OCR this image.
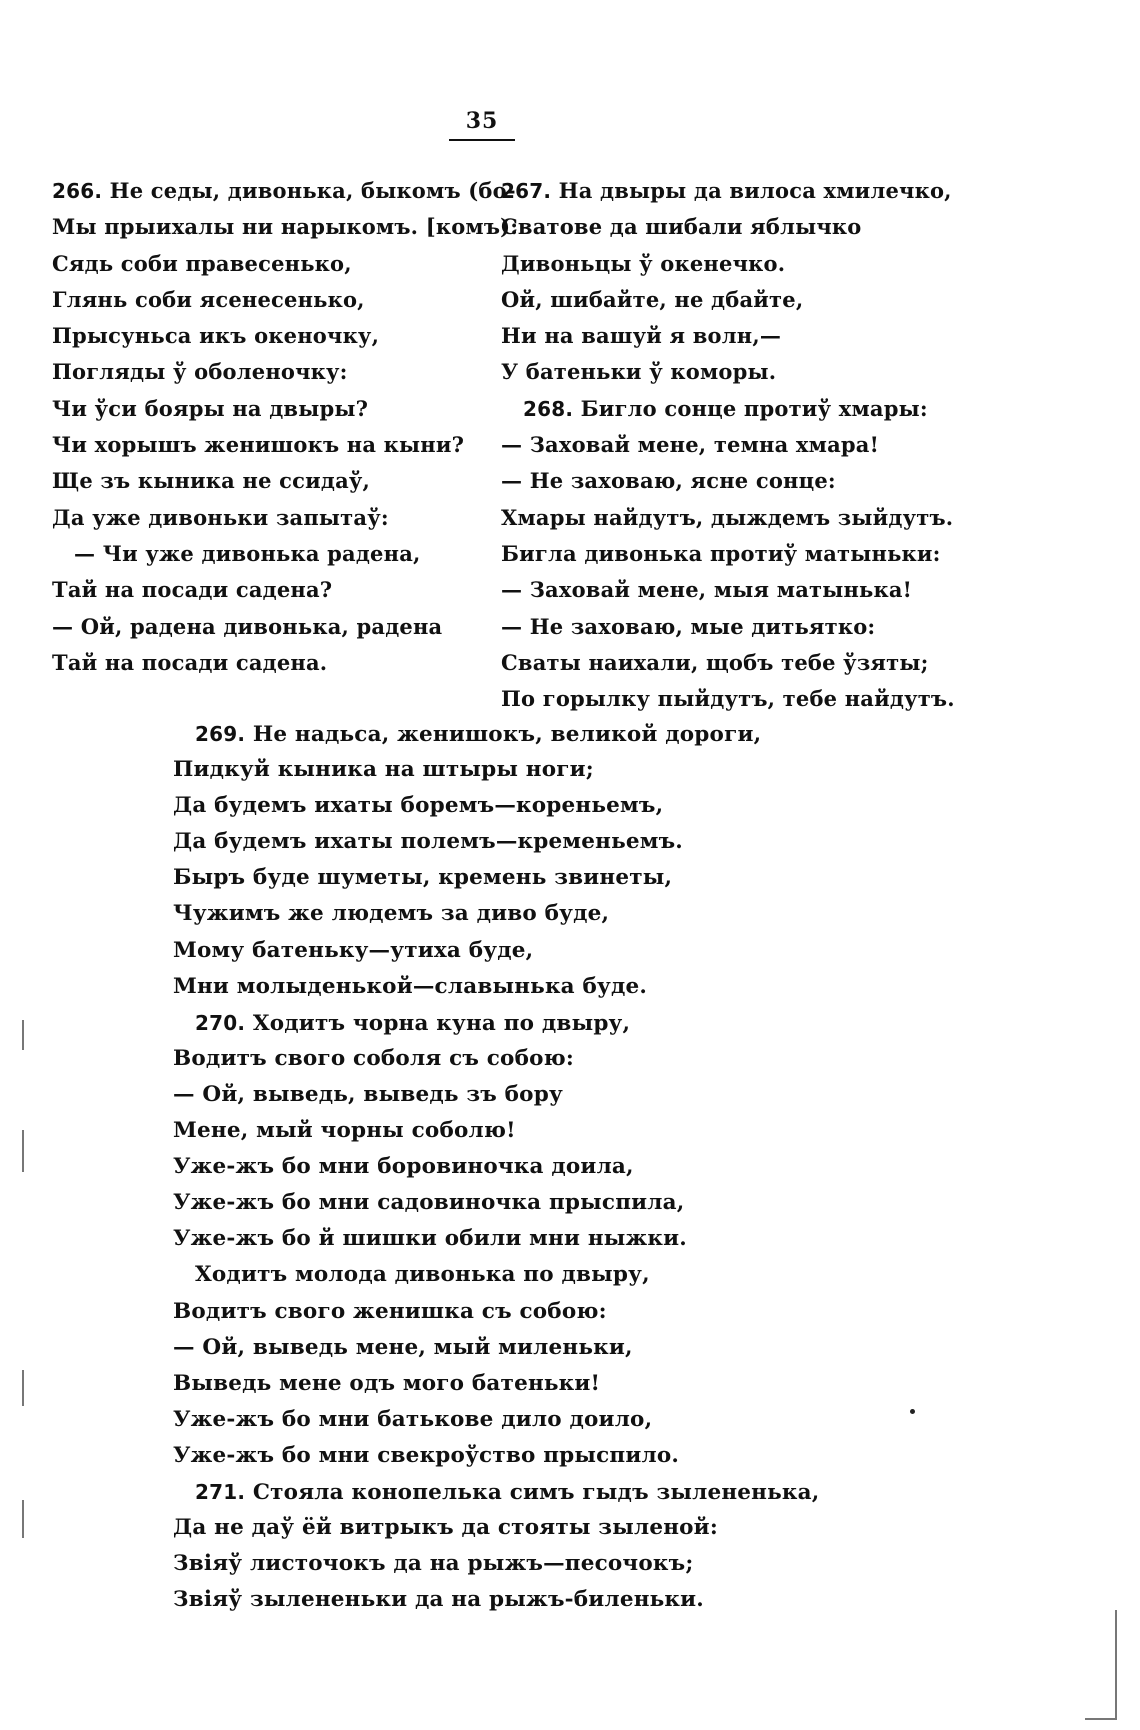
35
266. Не седы, дивонька, быкомъ (бо-
Мы прыихалы ни нарыкомъ. [комъ):
Сядь соби правесенько,
Глянь соби ясенесенько,
Прысуньса икъ океночку,
Погляды ў оболеночку:
Чи ўси бояры на двыры?
Чи хорышъ женишокъ на кыни?
Ще зъ кыника не ссидаў,
Да уже дивоньки запытаў:
— Чи уже дивонька радена,
Тай на посади садена?
— Ой, радена дивонька, радена
Тай на посади садена.
267. На двыры да вилоса хмилечко,
Сватове да шибали яблычко
Дивоньцы ў окенечко.
Ой, шибайте, не дбайте,
Ни на вашуй я волн,—
У батеньки ў коморы.
268. Бигло сонце протиў хмары:
— Заховай мене, темна хмара!
— Не заховаю, ясне сонце:
Хмары найдутъ, дыждемъ зыйдутъ.
Бигла дивонька протиў матыньки:
— Заховай мене, мыя матынька!
— Не заховаю, мые дитьятко:
Сваты наихали, щобъ тебе ўзяты;
По горылку пыйдутъ, тебе найдутъ.
269. Не надьса, женишокъ, великой дороги,
Пидкуй кыника на штыры ноги;
Да будемъ ихаты боремъ—кореньемъ,
Да будемъ ихаты полемъ—кременьемъ.
Быръ буде шуметы, кремень звинеты,
Чужимъ же людемъ за диво буде,
Мому батеньку—утиха буде,
Мни молыденькой—славынька буде.
270. Ходитъ чорна куна по двыру,
Водитъ свого соболя съ собою:
— Ой, выведь, выведь зъ бору
Мене, мый чорны соболю!
Уже-жъ бо мни боровиночка доила,
Уже-жъ бо мни садовиночка прыспила,
Уже-жъ бо й шишки обили мни ныжки.
Ходитъ молода дивонька по двыру,
Водитъ свого женишка съ собою:
— Ой, выведь мене, мый миленьки,
Выведь мене одъ мого батеньки!
Уже-жъ бо мни батькове дило доило,
Уже-жъ бо мни свекроўство прыспило.
271. Стояла конопелька симъ гыдъ зылененька,
Да не даў ёй витрыкъ да стояты зыленой:
Звiяў листочокъ да на рыжъ—песочокъ;
Звiяў зылененьки да на рыжъ-биленьки.
